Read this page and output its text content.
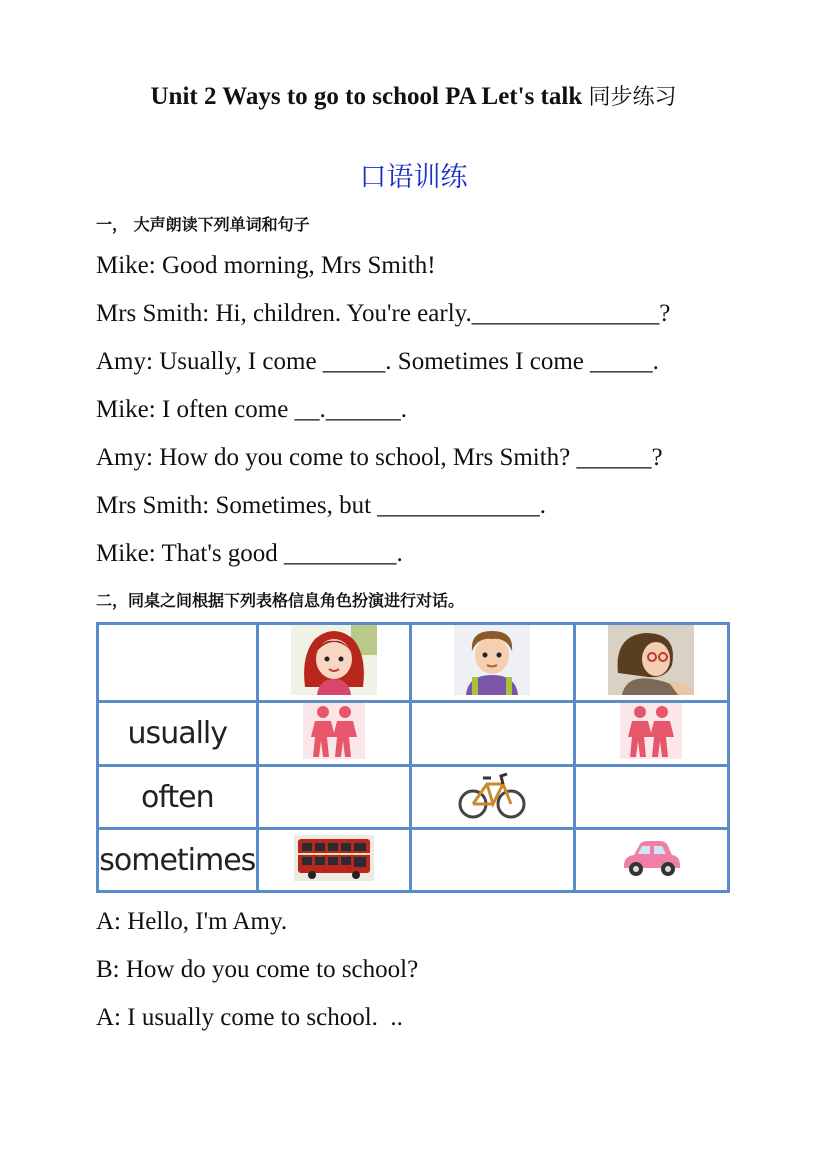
Unit 2 Ways to go to school PA Let's talk 同步练习
口语训练
一， 大声朗读下列单词和句子
Mike: Good morning, Mrs Smith!
Mrs Smith: Hi, children. You're early._______________?
Amy: Usually, I come _____. Sometimes I come _____.
Mike: I often come __.______.
Amy: How do you come to school, Mrs Smith? ______?
Mrs Smith: Sometimes, but _____________.
Mike: That's good _________.
二，同桌之间根据下列表格信息角色扮演进行对话。

usually			
often			
sometimes			
A: Hello, I'm Amy.
B: How do you come to school?
A: I usually come to school.  ..
